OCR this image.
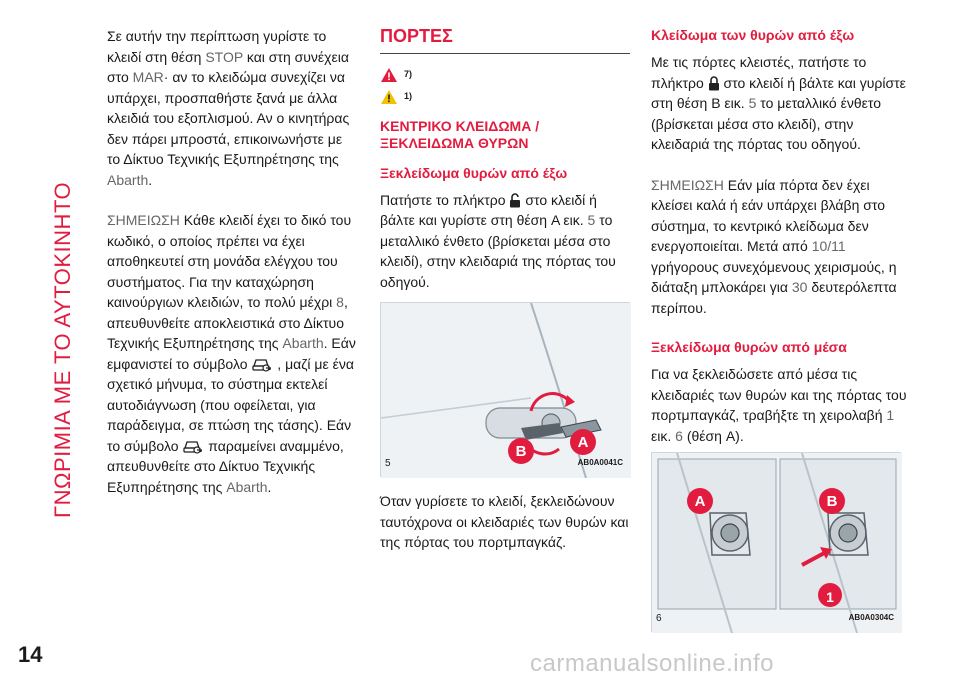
ΓΝΩΡΙΜΙΑ ΜΕ ΤΟ ΑΥΤΟΚΙΝΗΤΟ
14	carmanualsonline.info

Σε αυτήν την περίπτωση γυρίστε το κλειδί στη θέση STOP και στη συνέχεια στο MAR· αν το κλειδώμα συνεχίζει να υπάρχει, προσπαθήστε ξανά με άλλα κλειδιά του εξοπλισμού. Αν ο κινητήρας δεν πάρει μπροστά, επικοινωνήστε με το Δίκτυο Τεχνικής Εξυπηρέτησης της Abarth.

ΣΗΜΕΙΩΣΗ Κάθε κλειδί έχει το δικό του κωδικό, ο οποίος πρέπει να έχει αποθηκευτεί στη μονάδα ελέγχου του συστήματος. Για την καταχώρηση καινούργιων κλειδιών, το πολύ μέχρι 8, απευθυνθείτε αποκλειστικά στο Δίκτυο Τεχνικής Εξυπηρέτησης της Abarth. Εάν εμφανιστεί το σύμβολο  , μαζί με ένα σχετικό μήνυμα, το σύστημα εκτελεί αυτοδιάγνωση (που οφείλεται, για παράδειγμα, σε πτώση της τάσης). Εάν το σύμβολο  παραμείνει αναμμένο, απευθυνθείτε στο Δίκτυο Τεχνικής Εξυπηρέτησης της Abarth.

ΠΟΡΤΕΣ
7)
1)
ΚΕΝΤΡΙΚΟ ΚΛΕΙΔΩΜΑ / ΞΕΚΛΕΙΔΩΜΑ ΘΥΡΩΝ
Ξεκλείδωμα θυρών από έξω

Πατήστε το πλήκτρο  στο κλειδί ή βάλτε και γυρίστε στη θέση A εικ. 5 το μεταλλικό ένθετο (βρίσκεται μέσα στο κλειδί), στην κλειδαριά της πόρτας του οδηγού.

B
A
5	AB0A0041C

Όταν γυρίσετε το κλειδί, ξεκλειδώνουν ταυτόχρονα οι κλειδαριές των θυρών και της πόρτας του πορτμπαγκάζ.

Κλείδωμα των θυρών από έξω

Με τις πόρτες κλειστές, πατήστε το πλήκτρο  στο κλειδί ή βάλτε και γυρίστε στη θέση B εικ. 5 το μεταλλικό ένθετο (βρίσκεται μέσα στο κλειδί), στην κλειδαριά της πόρτας του οδηγού.

ΣΗΜΕΙΩΣΗ Εάν μία πόρτα δεν έχει κλείσει καλά ή εάν υπάρχει βλάβη στο σύστημα, το κεντρικό κλείδωμα δεν ενεργοποιείται. Μετά από 10/11 γρήγορους συνεχόμενους χειρισμούς, η διάταξη μπλοκάρει για 30 δευτερόλεπτα περίπου.

Ξεκλείδωμα θυρών από μέσα

Για να ξεκλειδώσετε από μέσα τις κλειδαριές των θυρών και της πόρτας του πορτμπαγκάζ, τραβήξτε τη χειρολαβή 1 εικ. 6 (θέση A).

A	B
1
6	AB0A0304C
